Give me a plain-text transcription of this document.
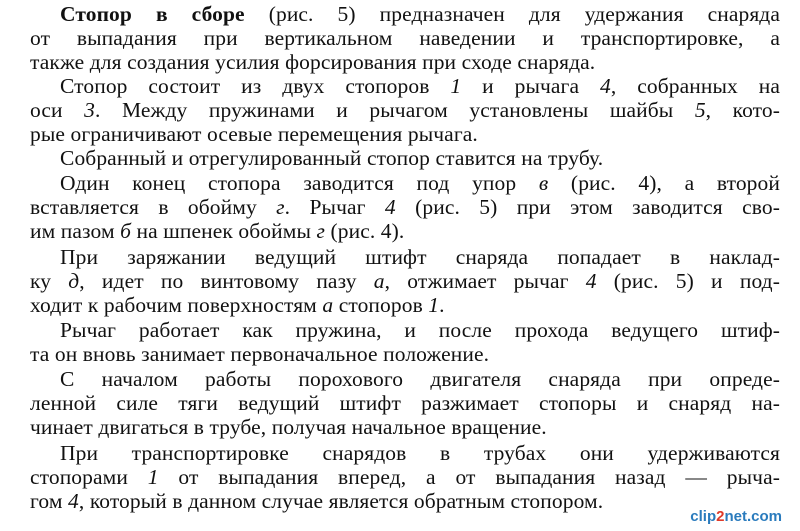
Стопор в сборе (рис. 5) предназначен для удержания снаряда
от выпадания при вертикальном наведении и транспортировке, а
также для создания усилия форсирования при сходе снаряда.
Стопор состоит из двух стопоров 1 и рычага 4, собранных на
оси 3. Между пружинами и рычагом установлены шайбы 5, кото-
рые ограничивают осевые перемещения рычага.
Собранный и отрегулированный стопор ставится на трубу.
Один конец стопора заводится под упор в (рис. 4), а второй
вставляется в обойму г. Рычаг 4 (рис. 5) при этом заводится сво-
им пазом б на шпенек обоймы г (рис. 4).
При заряжании ведущий штифт снаряда попадает в наклад-
ку д, идет по винтовому пазу а, отжимает рычаг 4 (рис. 5) и под-
ходит к рабочим поверхностям а стопоров 1.
Рычаг работает как пружина, и после прохода ведущего штиф-
та он вновь занимает первоначальное положение.
С началом работы порохового двигателя снаряда при опреде-
ленной силе тяги ведущий штифт разжимает стопоры и снаряд на-
чинает двигаться в трубе, получая начальное вращение.
При транспортировке снарядов в трубах они удерживаются
стопорами 1 от выпадания вперед, а от выпадания назад — рыча-
гом 4, который в данном случае является обратным стопором.
clip2net.com
